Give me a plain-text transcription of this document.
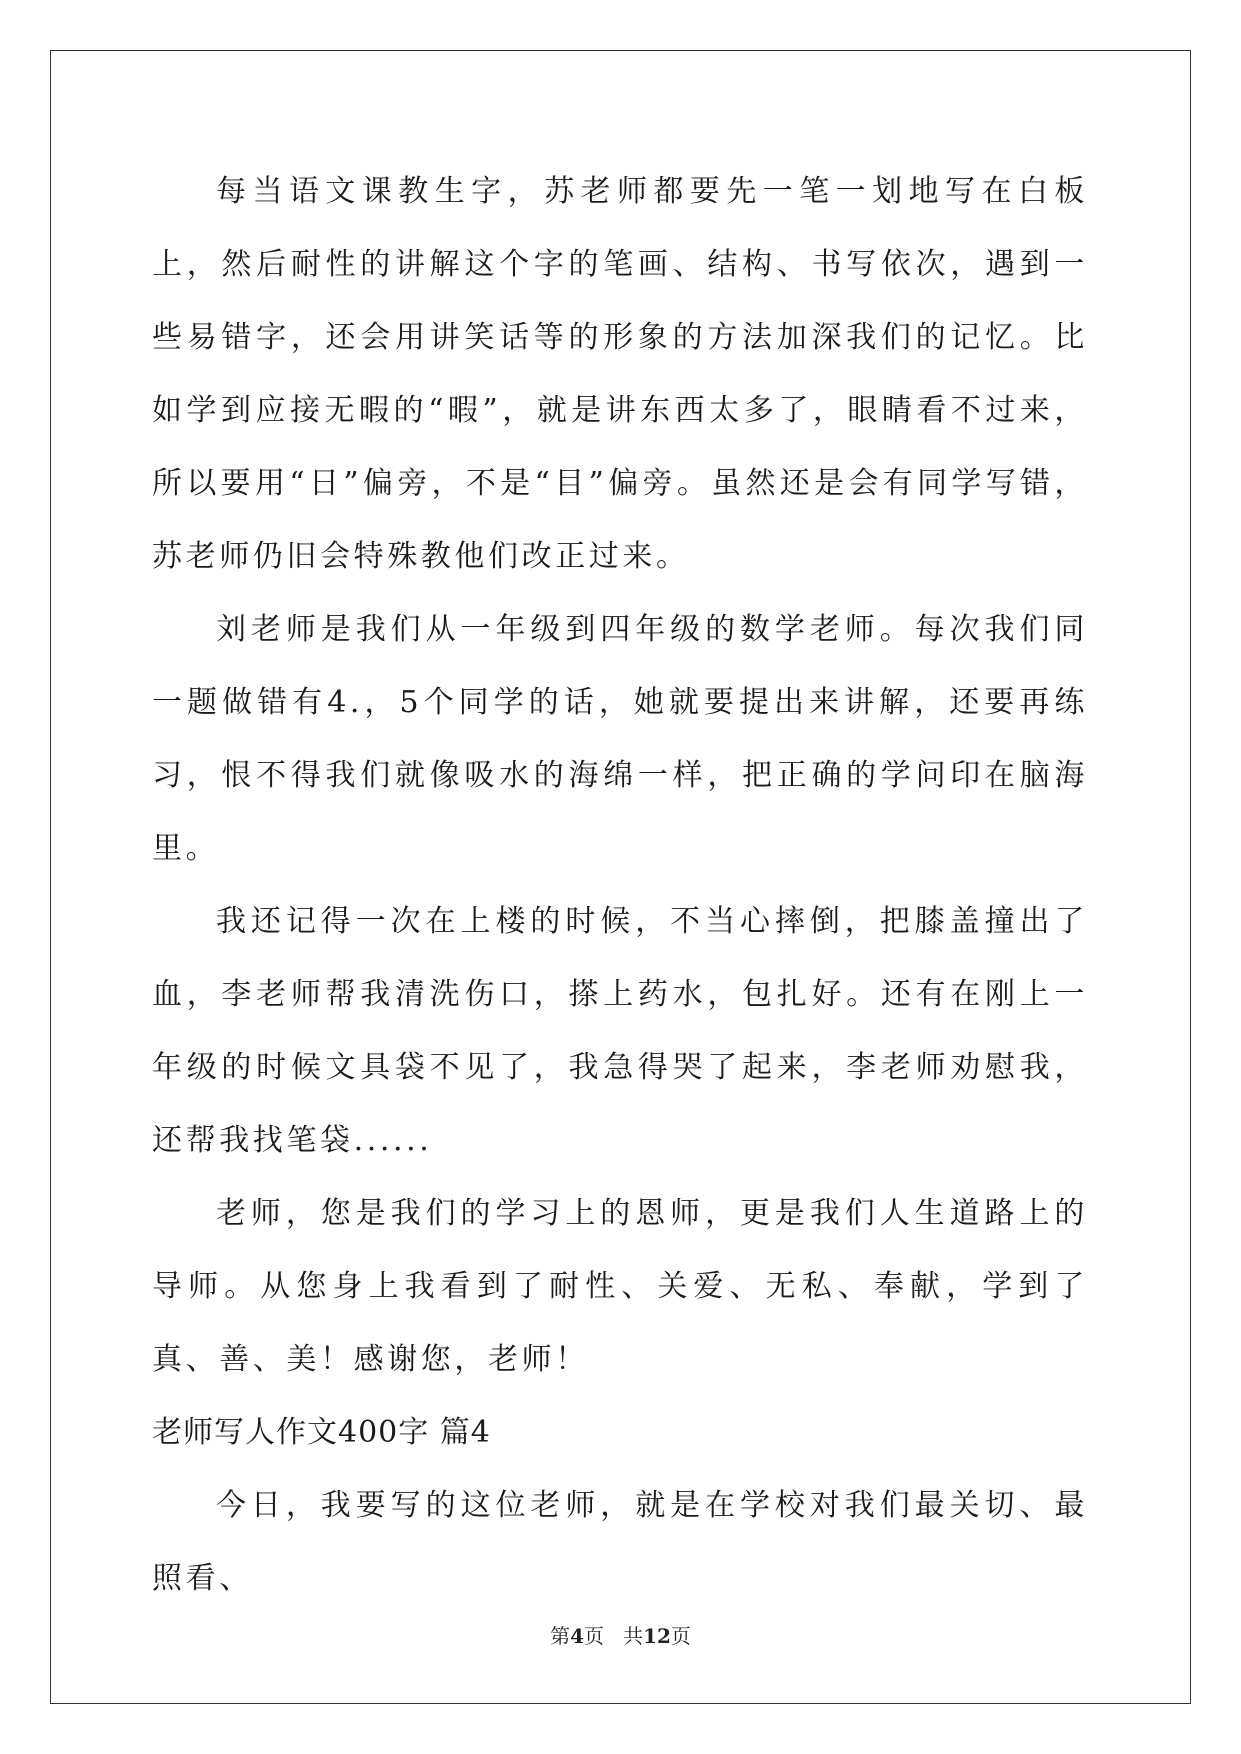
每当语文课教生字，苏老师都要先一笔一划地写在白板上，然后耐性的讲解这个字的笔画、结构、书写依次，遇到一些易错字，还会用讲笑话等的形象的方法加深我们的记忆。比如学到应接无暇的“暇”，就是讲东西太多了，眼睛看不过来，所以要用“日”偏旁，不是“目”偏旁。虽然还是会有同学写错，苏老师仍旧会特殊教他们改正过来。

刘老师是我们从一年级到四年级的数学老师。每次我们同一题做错有4.，5个同学的话，她就要提出来讲解，还要再练习，恨不得我们就像吸水的海绵一样，把正确的学问印在脑海里。

我还记得一次在上楼的时候，不当心摔倒，把膝盖撞出了血，李老师帮我清洗伤口，搽上药水，包扎好。还有在刚上一年级的时候文具袋不见了，我急得哭了起来，李老师劝慰我，还帮我找笔袋......

老师，您是我们的学习上的恩师，更是我们人生道路上的导师。从您身上我看到了耐性、关爱、无私、奉献，学到了真、善、美！感谢您，老师！

老师写人作文400字 篇4

今日，我要写的这位老师，就是在学校对我们最关切、最照看、

第4页 共12页
